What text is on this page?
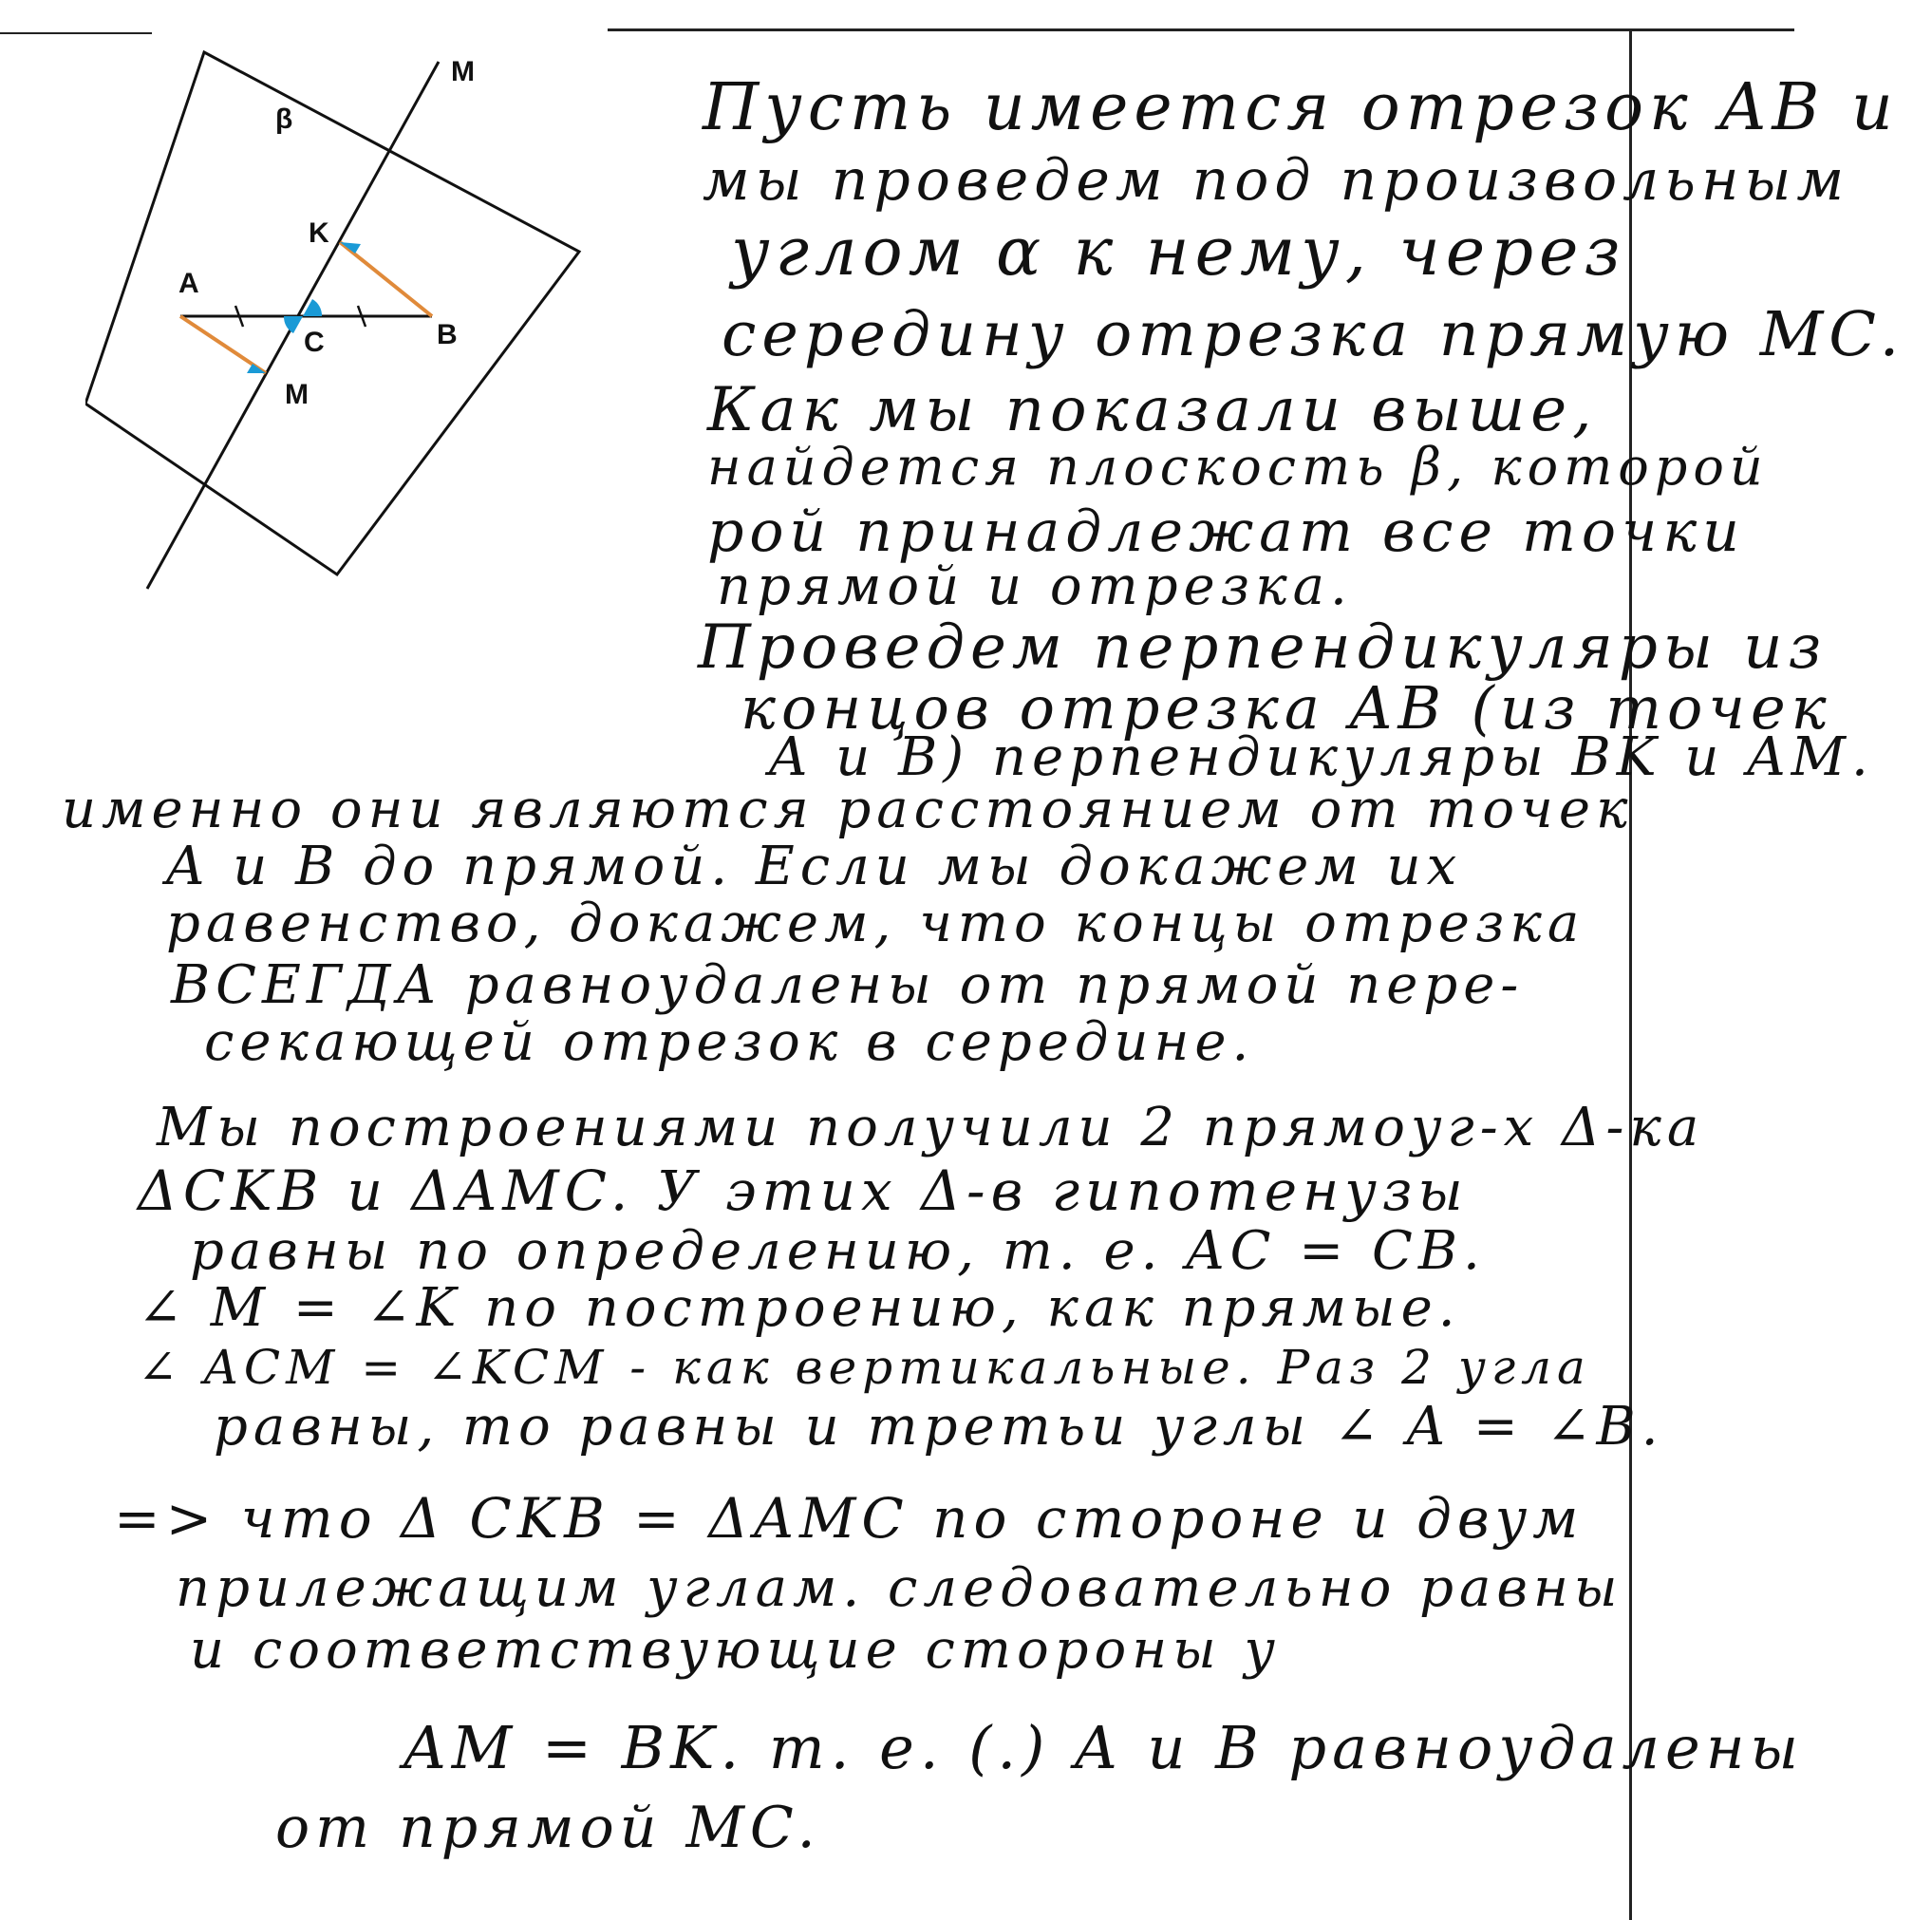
β
M
K
A
C	B
M
Пусть имеется отрезок AB и
мы проведем под произвольным
углом α к нему, через
середину отрезка прямую MC.
Как мы показали выше,
найдется плоскость β, которой
рой принадлежат все точки
прямой и отрезка.
Проведем перпендикуляры из
концов отрезка AB (из точек
A и B) перпендикуляры BK и AM.
именно они являются расстоянием от точек
A и B до прямой. Если мы докажем их
равенство, докажем, что концы отрезка
ВСЕГДА равноудалены от прямой пере-
секающей отрезок в середине.
Мы построениями получили 2 прямоуг-х Δ-ка
ΔCKB и ΔAMC. У этих Δ-в гипотенузы
равны по определению, т. е. AC = CB.
∠ M = ∠K по построению, как прямые.
∠ ACM = ∠KCM - как вертикальные. Раз 2 угла
равны, то равны и третьи углы ∠ A = ∠B.
=> что Δ CKB = ΔAMC по стороне и двум
прилежащим углам. следовательно равны
и соответствующие стороны у
AM = BK. т. е. (.) A и B равноудалены
от прямой MC.
